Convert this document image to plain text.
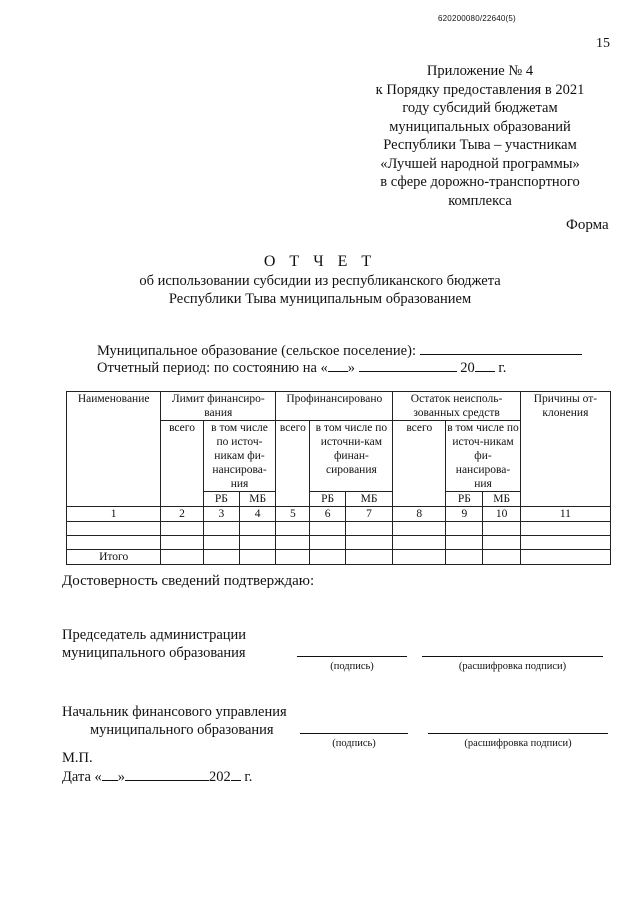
620200080/22640(5)
15
Приложение № 4
к Порядку предоставления в 2021
году субсидий бюджетам
муниципальных образований
Республики Тыва – участникам
«Лучшей народной программы»
в сфере дорожно-транспортного
комплекса
Форма
О Т Ч Е Т
об использовании субсидии из республиканского бюджета
Республики Тыва муниципальным образованием
Муниципальное образование (сельское поселение):
Отчетный период: по состоянию на « »	20 г.
Наименование	Лимит финансиро-вания			Профинансировано			Остаток неисполь-зованных средств			Причины от-клонения
	всего	в том числе по источ-никам фи-нансирова-ния		всего	в том числе по источни-кам финан-сирования		всего	в том числе по источ-никам фи-нансирова-ния		
		РБ	МБ		РБ	МБ		РБ	МБ	
1	2	3	4	5	6	7	8	9	10	11

Итого										
Достоверность сведений подтверждаю:
Председатель администрации
муниципального образования
(подпись)	(расшифровка подписи)
Начальник финансового управления
муниципального образования
(подпись)	(расшифровка подписи)
М.П.
Дата « »	202 г.
